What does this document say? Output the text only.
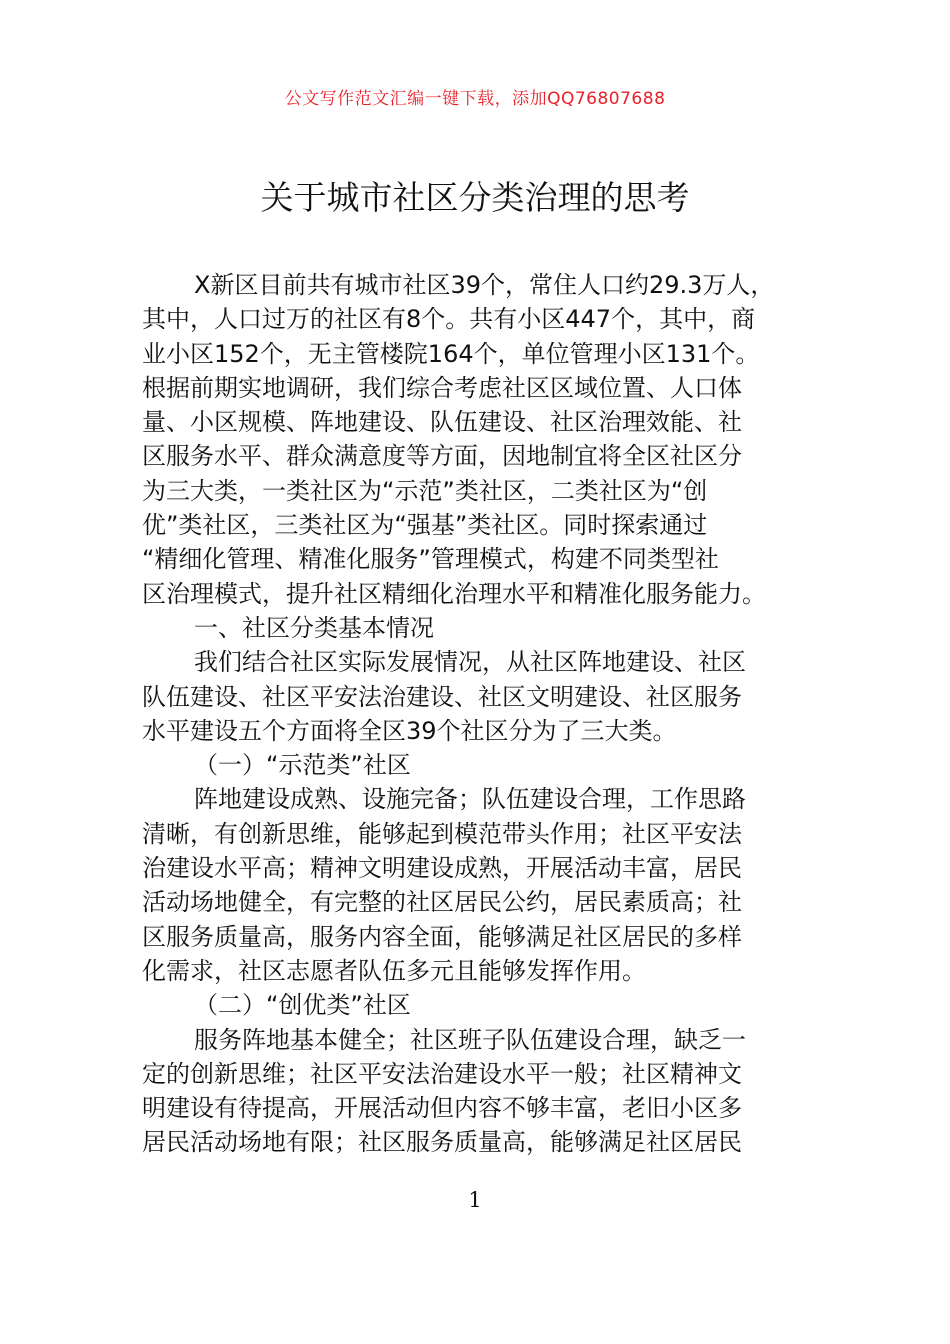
公文写作范文汇编一键下载，添加QQ76807688
关于城市社区分类治理的思考
X新区目前共有城市社区39个，常住人口约29.3万人，
其中，人口过万的社区有8个。共有小区447个，其中，商
业小区152个，无主管楼院164个，单位管理小区131个。
根据前期实地调研，我们综合考虑社区区域位置、人口体
量、小区规模、阵地建设、队伍建设、社区治理效能、社
区服务水平、群众满意度等方面，因地制宜将全区社区分
为三大类，一类社区为“示范”类社区，二类社区为“创
优”类社区，三类社区为“强基”类社区。同时探索通过
“精细化管理、精准化服务”管理模式，构建不同类型社
区治理模式，提升社区精细化治理水平和精准化服务能力。
一、社区分类基本情况
我们结合社区实际发展情况，从社区阵地建设、社区
队伍建设、社区平安法治建设、社区文明建设、社区服务
水平建设五个方面将全区39个社区分为了三大类。
（一）“示范类”社区
阵地建设成熟、设施完备；队伍建设合理，工作思路
清晰，有创新思维，能够起到模范带头作用；社区平安法
治建设水平高；精神文明建设成熟，开展活动丰富，居民
活动场地健全，有完整的社区居民公约，居民素质高；社
区服务质量高，服务内容全面，能够满足社区居民的多样
化需求，社区志愿者队伍多元且能够发挥作用。
（二）“创优类”社区
服务阵地基本健全；社区班子队伍建设合理，缺乏一
定的创新思维；社区平安法治建设水平一般；社区精神文
明建设有待提高，开展活动但内容不够丰富，老旧小区多
居民活动场地有限；社区服务质量高，能够满足社区居民
1
